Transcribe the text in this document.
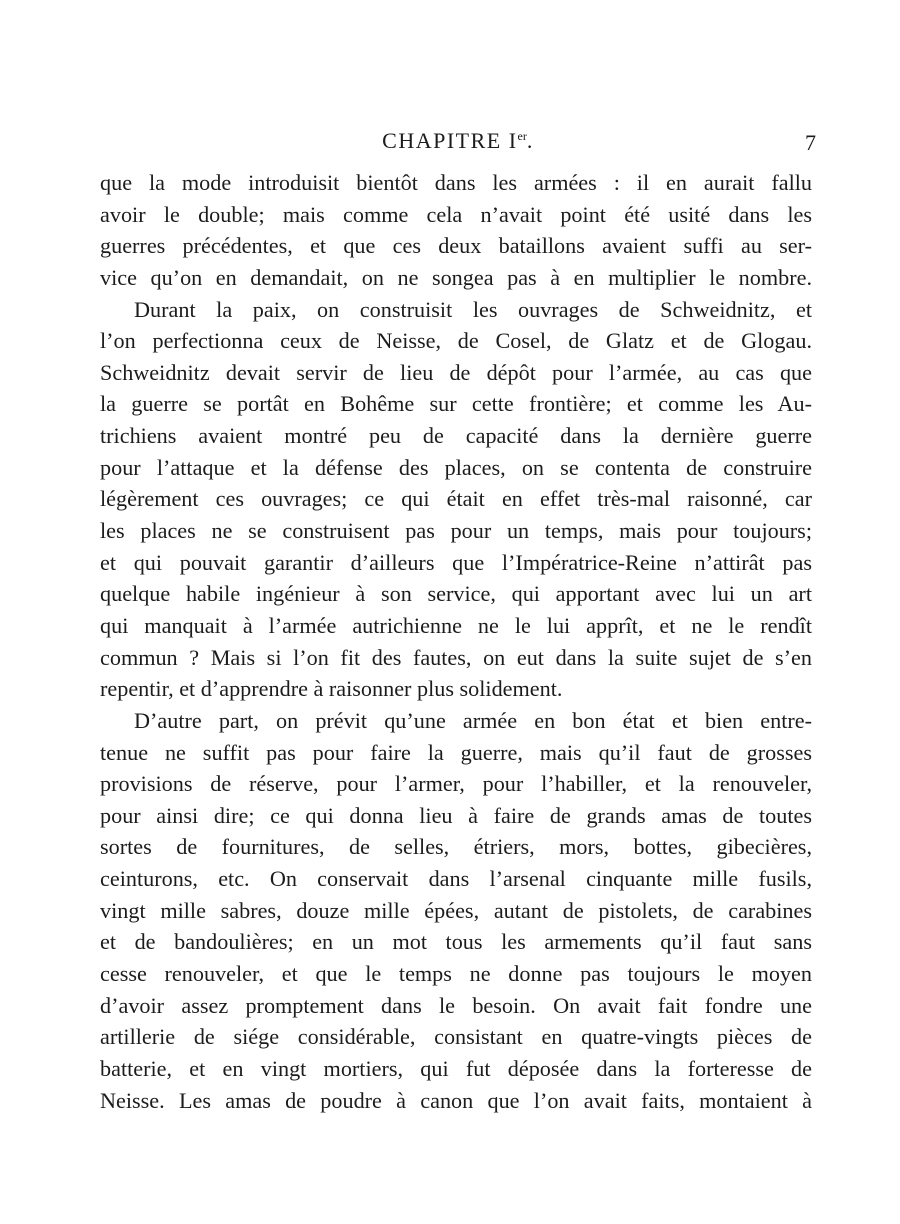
CHAPITRE Ier.	7
que la mode introduisit bientôt dans les armées : il en aurait fallu
avoir le double; mais comme cela n’avait point été usité dans les
guerres précédentes, et que ces deux bataillons avaient suffi au ser-
vice qu’on en demandait, on ne songea pas à en multiplier le nombre.
Durant la paix, on construisit les ouvrages de Schweidnitz, et
l’on perfectionna ceux de Neisse, de Cosel, de Glatz et de Glogau.
Schweidnitz devait servir de lieu de dépôt pour l’armée, au cas que
la guerre se portât en Bohême sur cette frontière; et comme les Au-
trichiens avaient montré peu de capacité dans la dernière guerre
pour l’attaque et la défense des places, on se contenta de construire
légèrement ces ouvrages; ce qui était en effet très-mal raisonné, car
les places ne se construisent pas pour un temps, mais pour toujours;
et qui pouvait garantir d’ailleurs que l’Impératrice-Reine n’attirât pas
quelque habile ingénieur à son service, qui apportant avec lui un art
qui manquait à l’armée autrichienne ne le lui apprît, et ne le rendît
commun ? Mais si l’on fit des fautes, on eut dans la suite sujet de s’en
repentir, et d’apprendre à raisonner plus solidement.
D’autre part, on prévit qu’une armée en bon état et bien entre-
tenue ne suffit pas pour faire la guerre, mais qu’il faut de grosses
provisions de réserve, pour l’armer, pour l’habiller, et la renouveler,
pour ainsi dire; ce qui donna lieu à faire de grands amas de toutes
sortes de fournitures, de selles, étriers, mors, bottes, gibecières,
ceinturons, etc. On conservait dans l’arsenal cinquante mille fusils,
vingt mille sabres, douze mille épées, autant de pistolets, de carabines
et de bandoulières; en un mot tous les armements qu’il faut sans
cesse renouveler, et que le temps ne donne pas toujours le moyen
d’avoir assez promptement dans le besoin. On avait fait fondre une
artillerie de siége considérable, consistant en quatre-vingts pièces de
batterie, et en vingt mortiers, qui fut déposée dans la forteresse de
Neisse. Les amas de poudre à canon que l’on avait faits, montaient à
